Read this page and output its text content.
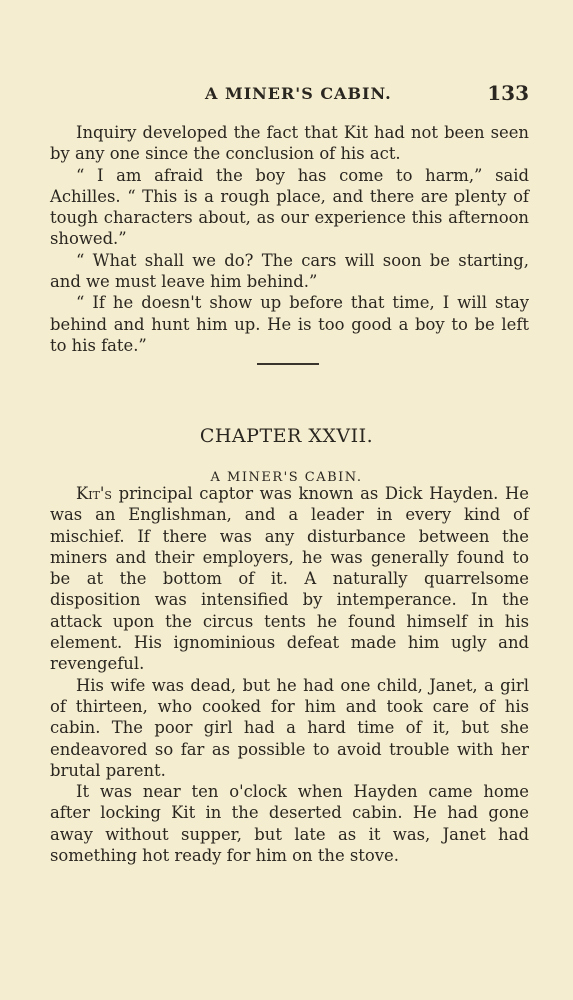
A MINER'S CABIN.	133

Inquiry developed the fact that Kit had not been seen by any one since the conclusion of his act.

“ I am afraid the boy has come to harm,” said Achilles. “ This is a rough place, and there are plenty of tough characters about, as our experience this afternoon showed.”

“ What shall we do? The cars will soon be starting, and we must leave him behind.”

“ If he doesn't show up before that time, I will stay behind and hunt him up. He is too good a boy to be left to his fate.”

CHAPTER XXVII.
A MINER'S CABIN.

Kit's principal captor was known as Dick Hayden. He was an Englishman, and a leader in every kind of mischief. If there was any disturbance between the miners and their employers, he was generally found to be at the bottom of it. A naturally quarrelsome disposition was intensified by intemperance. In the attack upon the circus tents he found himself in his element. His ignominious defeat made him ugly and revengeful.

His wife was dead, but he had one child, Janet, a girl of thirteen, who cooked for him and took care of his cabin. The poor girl had a hard time of it, but she endeavored so far as possible to avoid trouble with her brutal parent.

It was near ten o'clock when Hayden came home after locking Kit in the deserted cabin. He had gone away without supper, but late as it was, Janet had something hot ready for him on the stove.
